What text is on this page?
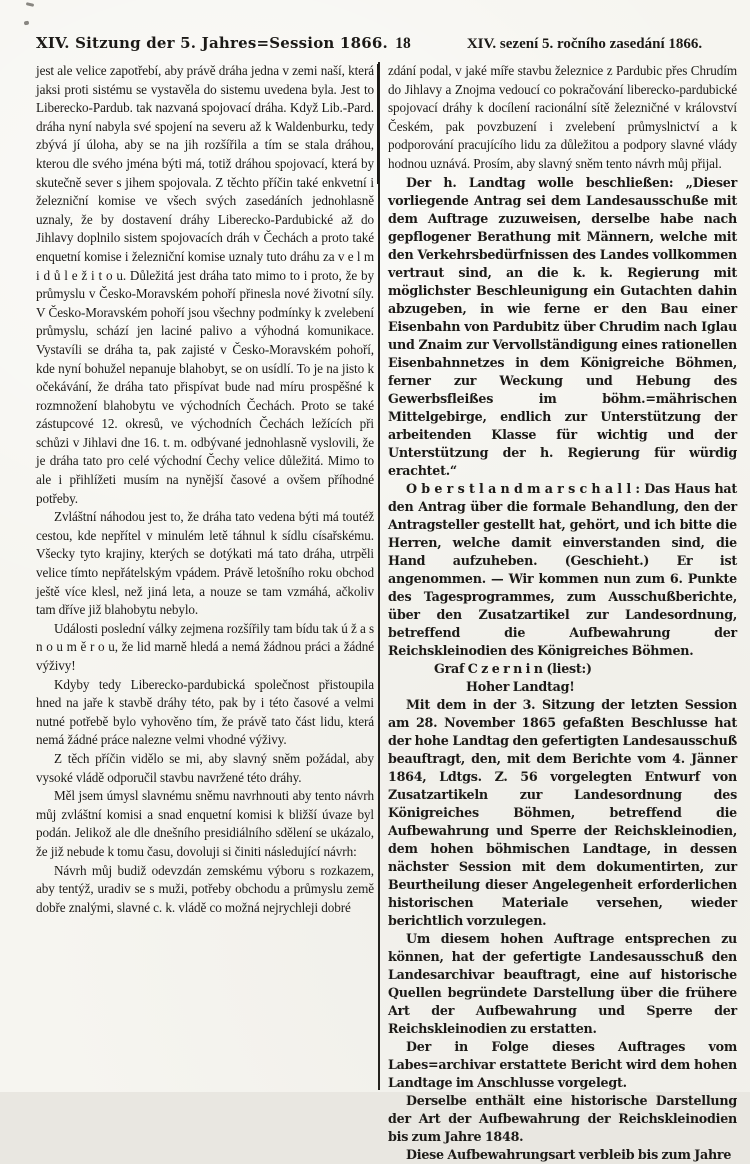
XIV. Sitzung der 5. Jahres=Session 1866. 18	XIV. sezení 5. ročního zasedání 1866.

jest ale velice zapotřebí, aby právě dráha jedna v zemi naší, která jaksi proti sistému se vystavěla do sistemu uvedena byla. Jest to Liberecko-Pardub. tak nazvaná spojovací dráha. Když Lib.-Pard. dráha nyní nabyla své spojení na severu až k Waldenburku, tedy zbývá jí úloha, aby se na jih rozšířila a tím se stala dráhou, kterou dle svého jména býti má, totiž dráhou spojovací, která by skutečně sever s jihem spojovala. Z těchto příčin také enkvetní i železniční komise ve všech svých zasedáních jednohlasně uznaly, že by dostavení dráhy Liberecko-Pardubické až do Jihlavy doplnilo sistem spojovacích dráh v Čechách a proto také enquetní komise i železniční komise uznaly tuto dráhu za v e l m i d ů l e ž i t o u. Důležitá jest dráha tato mimo to i proto, že by průmyslu v Česko-Moravském pohoří přinesla nové životní síly. V Česko-Moravském pohoří jsou všechny podmínky k zvelebení průmyslu, schází jen laciné palivo a výhodná komunikace. Vystavíli se dráha ta, pak zajisté v Česko-Moravském pohoří, kde nyní bohužel nepanuje blahobyt, se on usídlí. To je na jisto k očekávání, že dráha tato přispívat bude nad míru prospěšné k rozmnožení blahobytu ve východních Čechách. Proto se také zástupcové 12. okresů, ve východních Čechách ležících při schůzi v Jihlavi dne 16. t. m. odbývané jednohlasně vyslovili, že je dráha tato pro celé východní Čechy velice důležitá. Mimo to ale i přihlížeti musím na nynější časové a ovšem příhodné potřeby.

Zvláštní náhodou jest to, že dráha tato vedena býti má toutéž cestou, kde nepřítel v minulém letě táhnul k sídlu císařskému. Všecky tyto krajiny, kterých se dotýkati má tato dráha, utrpěli velice tímto nepřátelským vpádem. Právě letošního roku obchod ještě více klesl, než jiná leta, a nouze se tam vzmáhá, ačkoliv tam dříve již blahobytu nebylo.

Události poslední války zejmena rozšířily tam bídu tak ú ž a s n o u m ě r o u, že lid marně hledá a nemá žádnou práci a žádné výživy!

Kdyby tedy Liberecko-pardubická společnost přistoupila hned na jaře k stavbě dráhy této, pak by i této časové a velmi nutné potřebě bylo vyhověno tím, že právě tato část lidu, která nemá žádné práce nalezne velmi vhodné výživy.

Z těch příčin vidělo se mi, aby slavný sněm požádal, aby vysoké vládě odporučil stavbu navržené této dráhy.

Měl jsem úmysl slavnému sněmu navrhnouti aby tento návrh můj zvláštní komisi a snad enquetní komisi k bližší úvaze byl podán. Jelikož ale dle dnešního presidiálního sdělení se ukázalo, že již nebude k tomu času, dovoluji si činiti následující návrh:

Návrh můj budiž odevzdán zemskému výboru s rozkazem, aby tentýž, uradiv se s muži, potřeby obchodu a průmyslu země dobře znalými, slavné c. k. vládě co možná nejrychleji dobré

zdání podal, v jaké míře stavbu železnice z Pardubic přes Chrudím do Jihlavy a Znojma vedoucí co pokračování liberecko-pardubické spojovací dráhy k docílení racionální sítě železničné v království Českém, pak povzbuzení i zvelebení průmyslnictví a k podporování pracujícího lidu za důležitou a podpory slavné vlády hodnou uznává. Prosím, aby slavný sněm tento návrh můj přijal.

Der h. Landtag wolle beschließen: „Dieser vorliegende Antrag sei dem Landesausschuße mit dem Auftrage zuzuweisen, derselbe habe nach gepflogener Berathung mit Männern, welche mit den Verkehrsbedürfnissen des Landes vollkommen vertraut sind, an die k. k. Regierung mit möglichster Beschleunigung ein Gutachten dahin abzugeben, in wie ferne er den Bau einer Eisenbahn von Pardubitz über Chrudim nach Iglau und Znaim zur Vervollständigung eines rationellen Eisenbahnnetzes in dem Königreiche Böhmen, ferner zur Weckung und Hebung des Gewerbsfleißes im böhm.=mährischen Mittelgebirge, endlich zur Unterstützung der arbeitenden Klasse für wichtig und der Unterstützung der h. Regierung für würdig erachtet.“

O b e r s t l a n d m a r s c h a l l : Das Haus hat den Antrag über die formale Behandlung, den der Antragsteller gestellt hat, gehört, und ich bitte die Herren, welche damit einverstanden sind, die Hand aufzuheben. (Geschieht.) Er ist angenommen. — Wir kommen nun zum 6. Punkte des Tagesprogrammes, zum Ausschußberichte, über den Zusatzartikel zur Landesordnung, betreffend die Aufbewahrung der Reichskleinodien des Königreiches Böhmen.

Graf C z e r n i n (liest:)

Hoher Landtag!

Mit dem in der 3. Sitzung der letzten Session am 28. November 1865 gefaßten Beschlusse hat der hohe Landtag den gefertigten Landesausschuß beauftragt, den, mit dem Berichte vom 4. Jänner 1864, Ldtgs. Z. 56 vorgelegten Entwurf von Zusatzartikeln zur Landesordnung des Königreiches Böhmen, betreffend die Aufbewahrung und Sperre der Reichskleinodien, dem hohen böhmischen Landtage, in dessen nächster Session mit dem dokumentirten, zur Beurtheilung dieser Angelegenheit erforderlichen historischen Materiale versehen, wieder berichtlich vorzulegen.

Um diesem hohen Auftrage entsprechen zu können, hat der gefertigte Landesausschuß den Landesarchivar beauftragt, eine auf historische Quellen begründete Darstellung über die frühere Art der Aufbewahrung und Sperre der Reichskleinodien zu erstatten.

Der in Folge dieses Auftrages vom Labes=archivar erstattete Bericht wird dem hohen Landtage im Anschlusse vorgelegt.

Derselbe enthält eine historische Darstellung der Art der Aufbewahrung der Reichskleinodien bis zum Jahre 1848.

Diese Aufbewahrungsart verbleib bis zum Jahre
